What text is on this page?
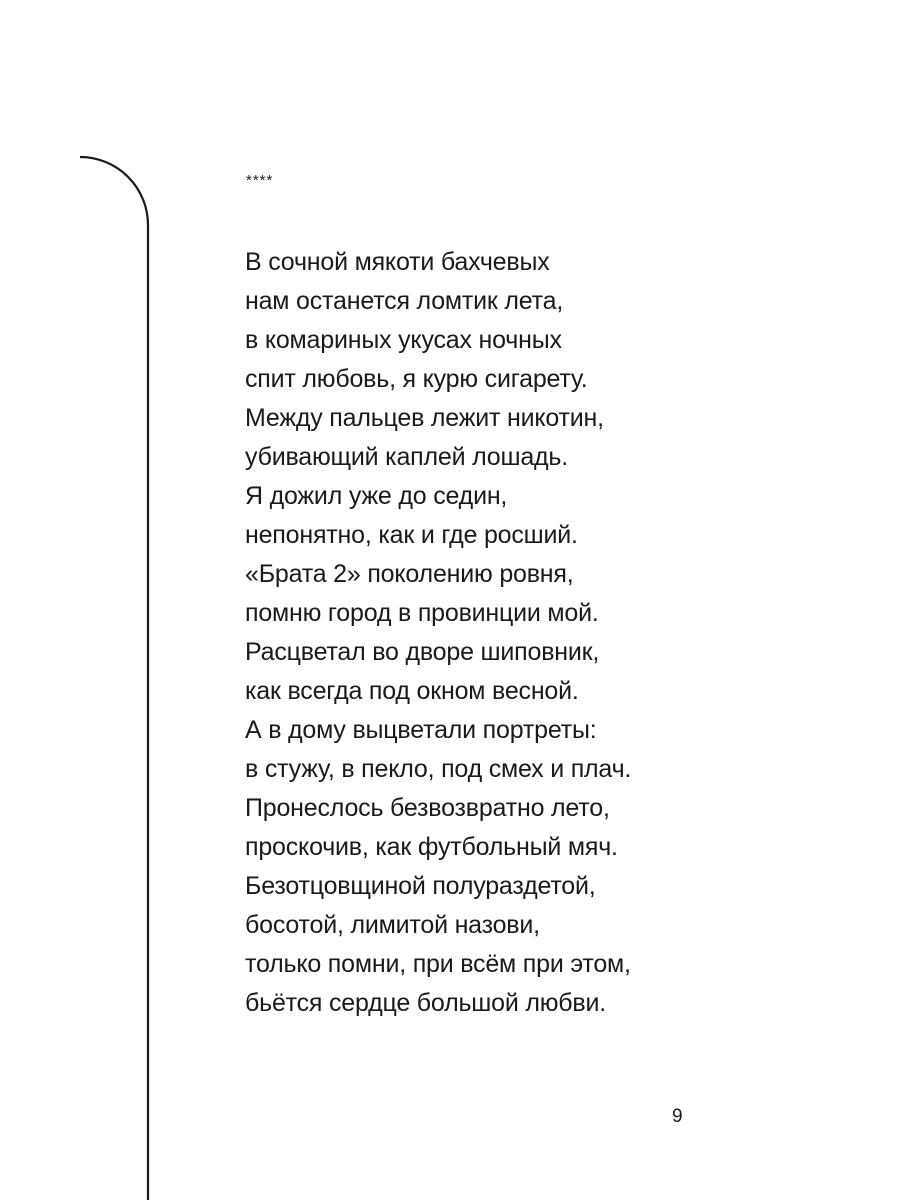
****
В сочной мякоти бахчевых
нам останется ломтик лета,
в комариных укусах ночных
спит любовь, я курю сигарету.
Между пальцев лежит никотин,
убивающий каплей лошадь.
Я дожил уже до седин,
непонятно, как и где росший.
«Брата 2» поколению ровня,
помню город в провинции мой.
Расцветал во дворе шиповник,
как всегда под окном весной.
А в дому выцветали портреты:
в стужу, в пекло, под смех и плач.
Пронеслось безвозвратно лето,
проскочив, как футбольный мяч.
Безотцовщиной полураздетой,
босотой, лимитой назови,
только помни, при всём при этом,
бьётся сердце большой любви.
9
